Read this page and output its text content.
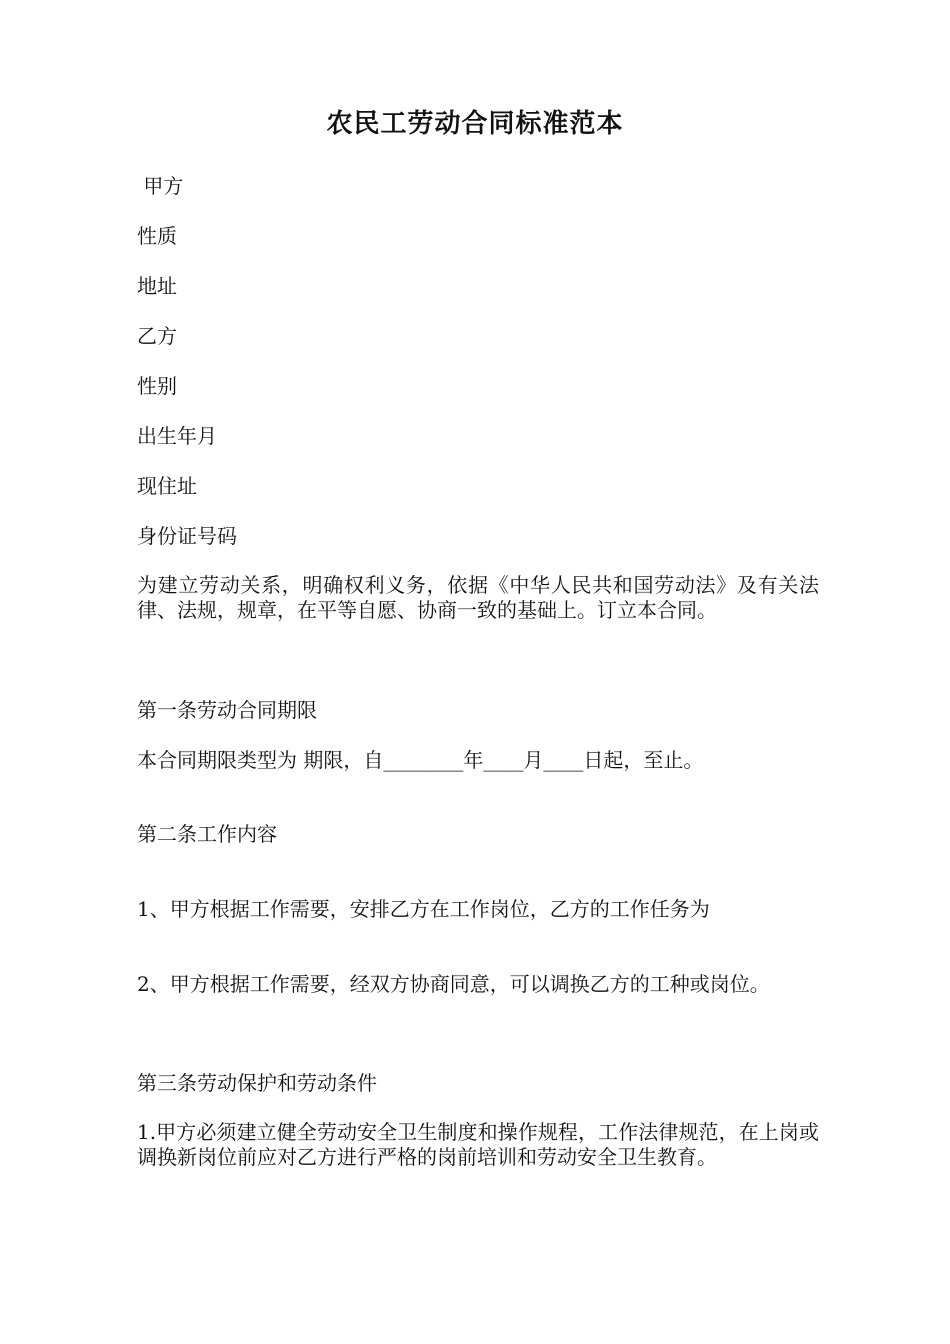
农民工劳动合同标准范本
甲方
性质
地址
乙方
性别
出生年月
现住址
身份证号码
为建立劳动关系，明确权利义务，依据《中华人民共和国劳动法》及有关法律、法规，规章，在平等自愿、协商一致的基础上。订立本合同。
第一条劳动合同期限
本合同期限类型为 期限，自________年____月____日起，至止。
第二条工作内容
1、甲方根据工作需要，安排乙方在工作岗位，乙方的工作任务为
2、甲方根据工作需要，经双方协商同意，可以调换乙方的工种或岗位。
第三条劳动保护和劳动条件
1.甲方必须建立健全劳动安全卫生制度和操作规程，工作法律规范，在上岗或调换新岗位前应对乙方进行严格的岗前培训和劳动安全卫生教育。
